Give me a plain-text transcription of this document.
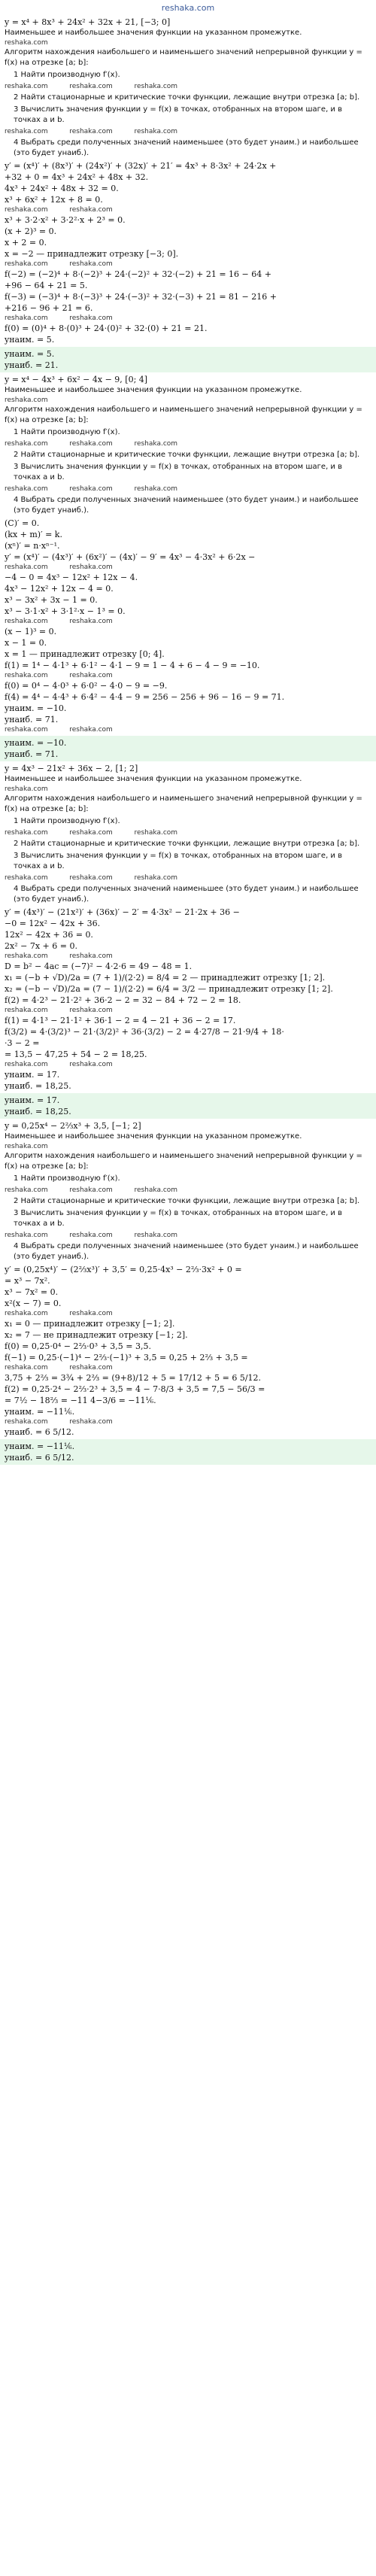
reshaka.com
y = x⁴ + 8x³ + 24x² + 32x + 21, [−3; 0]
Наименьшее и наибольшее значения функции на указанном промежутке.
reshaka.com
Алгоритм нахождения наибольшего и наименьшего значений непрерывной функции y = f(x) на отрезке [a; b]:
1 Найти производную f′(x).
reshaka.com	reshaka.com	reshaka.com
2 Найти стационарные и критические точки функции, лежащие внутри отрезка [a; b].
3 Вычислить значения функции y = f(x) в точках, отобранных на втором шаге, и в точках a и b.
reshaka.com	reshaka.com	reshaka.com
4 Выбрать среди полученных значений наименьшее (это будет yнаим.) и наибольшее (это будет yнаиб.).
y′ = (x⁴)′ + (8x³)′ + (24x²)′ + (32x)′ + 21′ = 4x³ + 8·3x² + 24·2x +
+32 + 0 = 4x³ + 24x² + 48x + 32.
4x³ + 24x² + 48x + 32 = 0.
x³ + 6x² + 12x + 8 = 0.
reshaka.com	reshaka.com
x³ + 3·2·x² + 3·2²·x + 2³ = 0.
(x + 2)³ = 0.
x + 2 = 0.
x = −2 — принадлежит отрезку [−3; 0].
reshaka.com	reshaka.com
f(−2) = (−2)⁴ + 8·(−2)³ + 24·(−2)² + 32·(−2) + 21 = 16 − 64 +
+96 − 64 + 21 = 5.
f(−3) = (−3)⁴ + 8·(−3)³ + 24·(−3)² + 32·(−3) + 21 = 81 − 216 +
+216 − 96 + 21 = 6.
reshaka.com	reshaka.com
f(0) = (0)⁴ + 8·(0)³ + 24·(0)² + 32·(0) + 21 = 21.
yнаим. = 5.
yнаим. = 5.
yнаиб. = 21.
y = x⁴ − 4x³ + 6x² − 4x − 9, [0; 4]
Наименьшее и наибольшее значения функции на указанном промежутке.
reshaka.com
Алгоритм нахождения наибольшего и наименьшего значений непрерывной функции y = f(x) на отрезке [a; b]:
1 Найти производную f′(x).
reshaka.com	reshaka.com	reshaka.com
2 Найти стационарные и критические точки функции, лежащие внутри отрезка [a; b].
3 Вычислить значения функции y = f(x) в точках, отобранных на втором шаге, и в точках a и b.
reshaka.com	reshaka.com	reshaka.com
4 Выбрать среди полученных значений наименьшее (это будет yнаим.) и наибольшее (это будет yнаиб.).
(C)′ = 0.
(kx + m)′ = k.
(xⁿ)′ = n·xⁿ⁻¹.
y′ = (x⁴)′ − (4x³)′ + (6x²)′ − (4x)′ − 9′ = 4x³ − 4·3x² + 6·2x −
reshaka.com	reshaka.com
−4 − 0 = 4x³ − 12x² + 12x − 4.
4x³ − 12x² + 12x − 4 = 0.
x³ − 3x² + 3x − 1 = 0.
x³ − 3·1·x² + 3·1²·x − 1³ = 0.
reshaka.com	reshaka.com
(x − 1)³ = 0.
x − 1 = 0.
x = 1 — принадлежит отрезку [0; 4].
f(1) = 1⁴ − 4·1³ + 6·1² − 4·1 − 9 = 1 − 4 + 6 − 4 − 9 = −10.
reshaka.com	reshaka.com
f(0) = 0⁴ − 4·0³ + 6·0² − 4·0 − 9 = −9.
f(4) = 4⁴ − 4·4³ + 6·4² − 4·4 − 9 = 256 − 256 + 96 − 16 − 9 = 71.
yнаим. = −10.
yнаиб. = 71.
reshaka.com	reshaka.com
yнаим. = −10.
yнаиб. = 71.
y = 4x³ − 21x² + 36x − 2, [1; 2]
Наименьшее и наибольшее значения функции на указанном промежутке.
reshaka.com
Алгоритм нахождения наибольшего и наименьшего значений непрерывной функции y = f(x) на отрезке [a; b]:
1 Найти производную f′(x).
reshaka.com	reshaka.com	reshaka.com
2 Найти стационарные и критические точки функции, лежащие внутри отрезка [a; b].
3 Вычислить значения функции y = f(x) в точках, отобранных на втором шаге, и в точках a и b.
reshaka.com	reshaka.com	reshaka.com
4 Выбрать среди полученных значений наименьшее (это будет yнаим.) и наибольшее (это будет yнаиб.).
y′ = (4x³)′ − (21x²)′ + (36x)′ − 2′ = 4·3x² − 21·2x + 36 −
−0 = 12x² − 42x + 36.
12x² − 42x + 36 = 0.
2x² − 7x + 6 = 0.
reshaka.com	reshaka.com
D = b² − 4ac = (−7)² − 4·2·6 = 49 − 48 = 1.
x₁ = (−b + √D)/2a = (7 + 1)/(2·2) = 8/4 = 2 — принадлежит отрезку [1; 2].
x₂ = (−b − √D)/2a = (7 − 1)/(2·2) = 6/4 = 3/2 — принадлежит отрезку [1; 2].
f(2) = 4·2³ − 21·2² + 36·2 − 2 = 32 − 84 + 72 − 2 = 18.
reshaka.com	reshaka.com
f(1) = 4·1³ − 21·1² + 36·1 − 2 = 4 − 21 + 36 − 2 = 17.
f(3/2) = 4·(3/2)³ − 21·(3/2)² + 36·(3/2) − 2 = 4·27/8 − 21·9/4 + 18·
·3 − 2 =
= 13,5 − 47,25 + 54 − 2 = 18,25.
reshaka.com	reshaka.com
yнаим. = 17.
yнаиб. = 18,25.
yнаим. = 17.
yнаиб. = 18,25.
y = 0,25x⁴ − 2⅔x³ + 3,5, [−1; 2]
Наименьшее и наибольшее значения функции на указанном промежутке.
reshaka.com
Алгоритм нахождения наибольшего и наименьшего значений непрерывной функции y = f(x) на отрезке [a; b]:
1 Найти производную f′(x).
reshaka.com	reshaka.com	reshaka.com
2 Найти стационарные и критические точки функции, лежащие внутри отрезка [a; b].
3 Вычислить значения функции y = f(x) в точках, отобранных на втором шаге, и в точках a и b.
reshaka.com	reshaka.com	reshaka.com
4 Выбрать среди полученных значений наименьшее (это будет yнаим.) и наибольшее (это будет yнаиб.).
y′ = (0,25x⁴)′ − (2⅔x³)′ + 3,5′ = 0,25·4x³ − 2⅔·3x² + 0 =
= x³ − 7x².
x³ − 7x² = 0.
x²(x − 7) = 0.
reshaka.com	reshaka.com
x₁ = 0 — принадлежит отрезку [−1; 2].
x₂ = 7 — не принадлежит отрезку [−1; 2].
f(0) = 0,25·0⁴ − 2⅔·0³ + 3,5 = 3,5.
f(−1) = 0,25·(−1)⁴ − 2⅔·(−1)³ + 3,5 = 0,25 + 2⅔ + 3,5 =
reshaka.com	reshaka.com
3,75 + 2⅔ = 3¾ + 2⅔ = (9+8)/12 + 5 = 17/12 + 5 = 6 5/12.
f(2) = 0,25·2⁴ − 2⅔·2³ + 3,5 = 4 − 7·8/3 + 3,5 = 7,5 − 56/3 =
= 7½ − 18⅔ = −11 4−3/6 = −11⅙.
yнаим. = −11⅙.
reshaka.com	reshaka.com
yнаиб. = 6 5/12.
yнаим. = −11⅙.
yнаиб. = 6 5/12.
